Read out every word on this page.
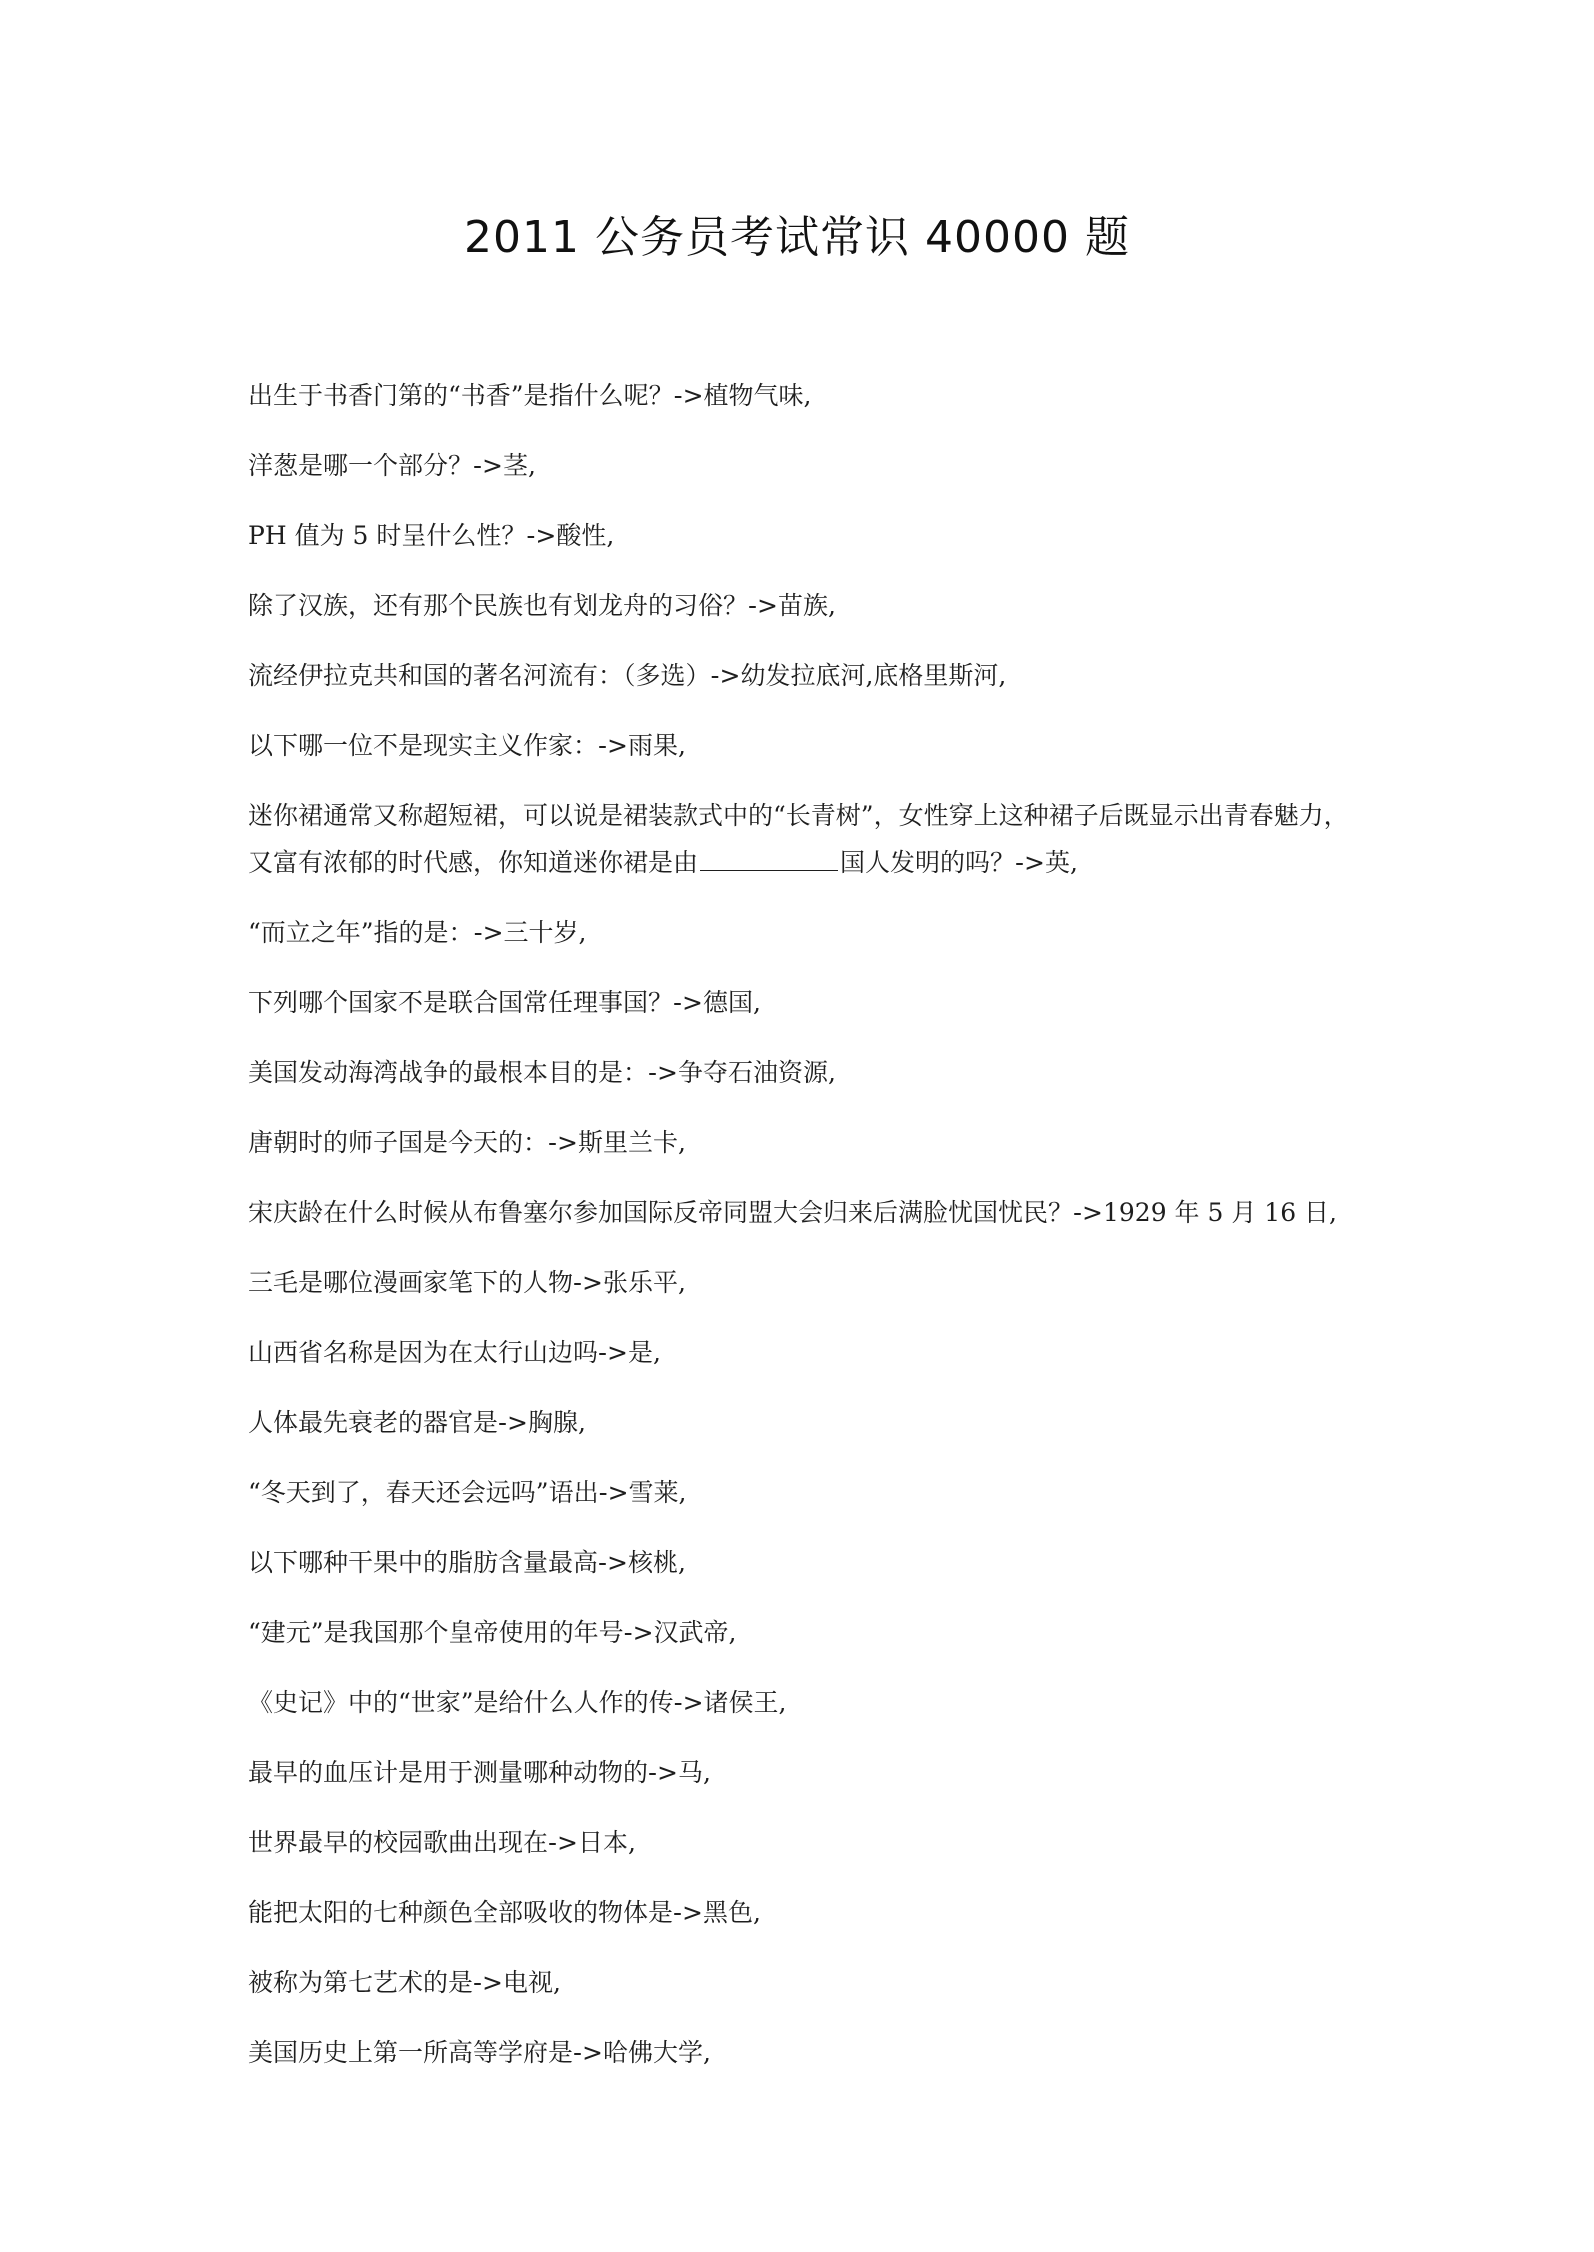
2011 公务员考试常识 40000 题
出生于书香门第的“书香”是指什么呢？->植物气味,
洋葱是哪一个部分？->茎,
PH 值为 5 时呈什么性？->酸性,
除了汉族，还有那个民族也有划龙舟的习俗？->苗族,
流经伊拉克共和国的著名河流有：（多选）->幼发拉底河,底格里斯河,
以下哪一位不是现实主义作家：->雨果,
迷你裙通常又称超短裙，可以说是裙装款式中的“长青树”，女性穿上这种裙子后既显示出青春魅力，又富有浓郁的时代感，你知道迷你裙是由	国人发明的吗？->英,
“而立之年”指的是：->三十岁,
下列哪个国家不是联合国常任理事国？->德国,
美国发动海湾战争的最根本目的是：->争夺石油资源,
唐朝时的师子国是今天的：->斯里兰卡,
宋庆龄在什么时候从布鲁塞尔参加国际反帝同盟大会归来后满脸忧国忧民？->1929 年 5 月 16 日,
三毛是哪位漫画家笔下的人物->张乐平,
山西省名称是因为在太行山边吗->是,
人体最先衰老的器官是->胸腺,
“冬天到了，春天还会远吗”语出->雪莱,
以下哪种干果中的脂肪含量最高->核桃,
“建元”是我国那个皇帝使用的年号->汉武帝,
《史记》中的“世家”是给什么人作的传->诸侯王,
最早的血压计是用于测量哪种动物的->马,
世界最早的校园歌曲出现在->日本,
能把太阳的七种颜色全部吸收的物体是->黑色,
被称为第七艺术的是->电视,
美国历史上第一所高等学府是->哈佛大学,
